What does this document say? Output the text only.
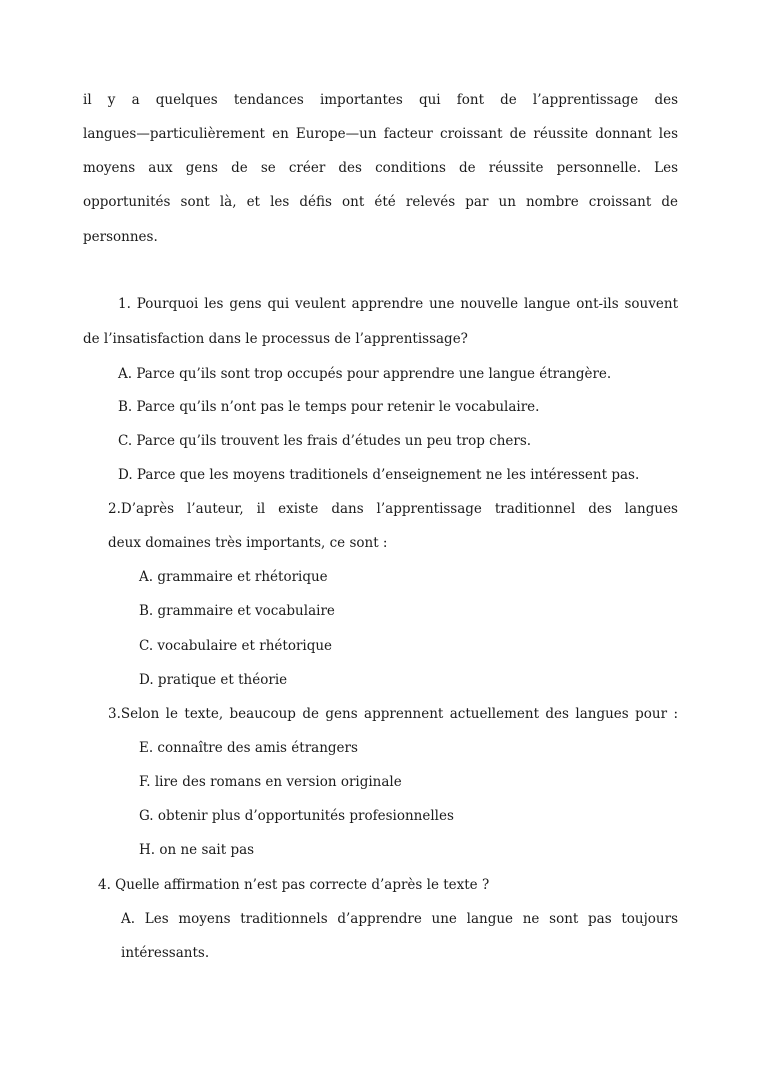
il y a quelques tendances importantes qui font de l’apprentissage des
langues—particulièrement en Europe—un facteur croissant de réussite donnant les
moyens aux gens de se créer des conditions de réussite personnelle. Les
opportunités sont là, et les défis ont été relevés par un nombre croissant de
personnes.
1. Pourquoi les gens qui veulent apprendre une nouvelle langue ont-ils souvent
de l’insatisfaction dans le processus de l’apprentissage?
A. Parce qu’ils sont trop occupés pour apprendre une langue étrangère.
B. Parce qu’ils n’ont pas le temps pour retenir le vocabulaire.
C. Parce qu’ils trouvent les frais d’études un peu trop chers.
D. Parce que les moyens traditionels d’enseignement ne les intéressent pas.
2.D’après l’auteur, il existe dans l’apprentissage traditionnel des langues
deux domaines très importants, ce sont :
A. grammaire et rhétorique
B. grammaire et vocabulaire
C. vocabulaire et rhétorique
D. pratique et théorie
3.Selon le texte, beaucoup de gens apprennent actuellement des langues pour :
E. connaître des amis étrangers
F. lire des romans en version originale
G. obtenir plus d’opportunités profesionnelles
H. on ne sait pas
4. Quelle affirmation n’est pas correcte d’après le texte ?
A. Les moyens traditionnels d’apprendre une langue ne sont pas toujours
intéressants.
